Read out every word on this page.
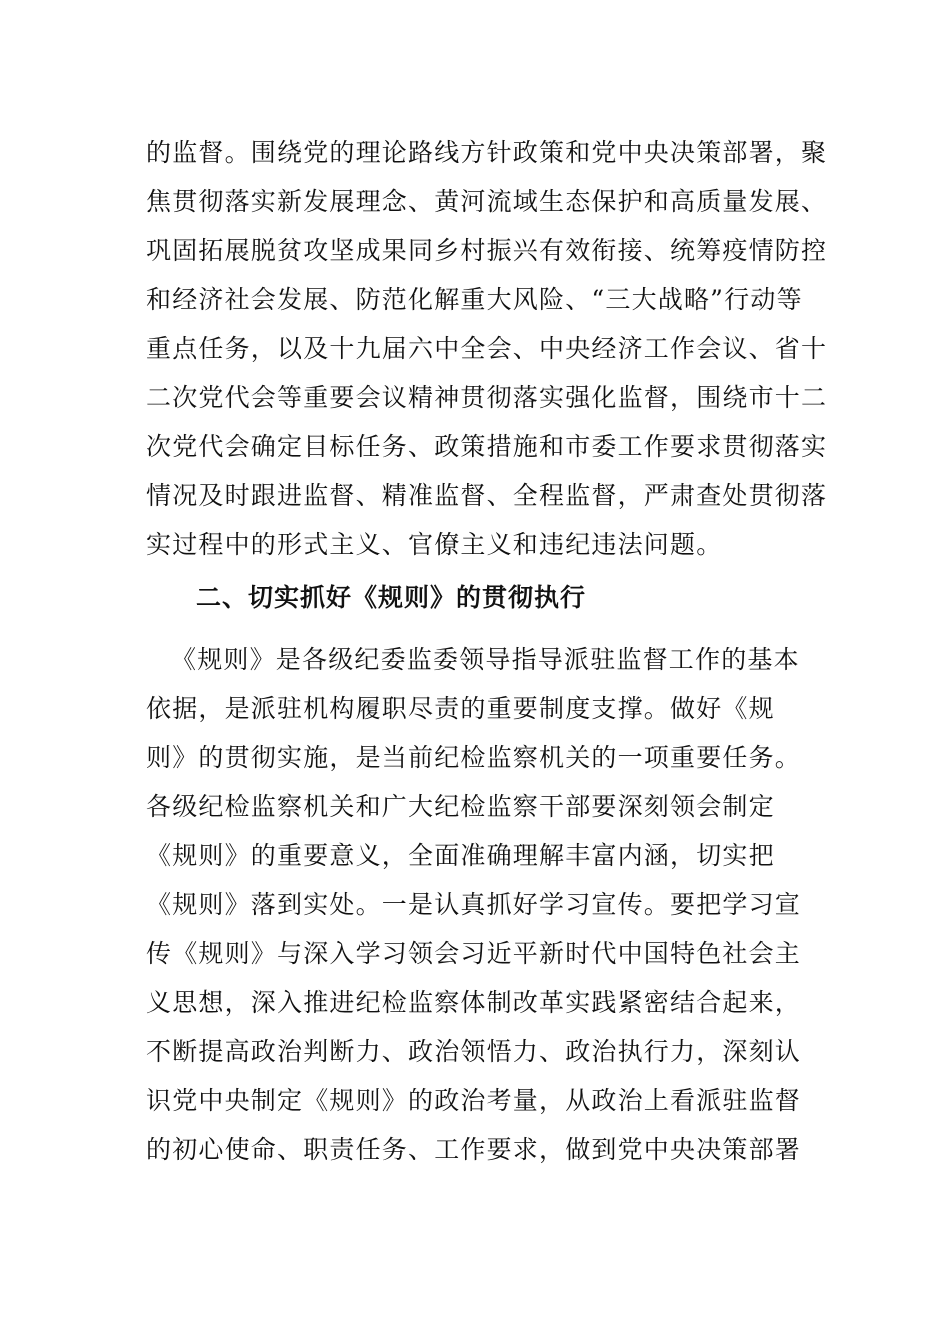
的监督。围绕党的理论路线方针政策和党中央决策部署，聚
焦贯彻落实新发展理念、黄河流域生态保护和高质量发展、
巩固拓展脱贫攻坚成果同乡村振兴有效衔接、统筹疫情防控
和经济社会发展、防范化解重大风险、“三大战略”行动等
重点任务，以及十九届六中全会、中央经济工作会议、省十
二次党代会等重要会议精神贯彻落实强化监督，围绕市十二
次党代会确定目标任务、政策措施和市委工作要求贯彻落实
情况及时跟进监督、精准监督、全程监督，严肃查处贯彻落
实过程中的形式主义、官僚主义和违纪违法问题。
二、切实抓好《规则》的贯彻执行
《规则》是各级纪委监委领导指导派驻监督工作的基本
依据，是派驻机构履职尽责的重要制度支撑。做好《规
则》的贯彻实施，是当前纪检监察机关的一项重要任务。
各级纪检监察机关和广大纪检监察干部要深刻领会制定
《规则》的重要意义，全面准确理解丰富内涵，切实把
《规则》落到实处。一是认真抓好学习宣传。要把学习宣
传《规则》与深入学习领会习近平新时代中国特色社会主
义思想，深入推进纪检监察体制改革实践紧密结合起来，
不断提高政治判断力、政治领悟力、政治执行力，深刻认
识党中央制定《规则》的政治考量，从政治上看派驻监督
的初心使命、职责任务、工作要求，做到党中央决策部署
